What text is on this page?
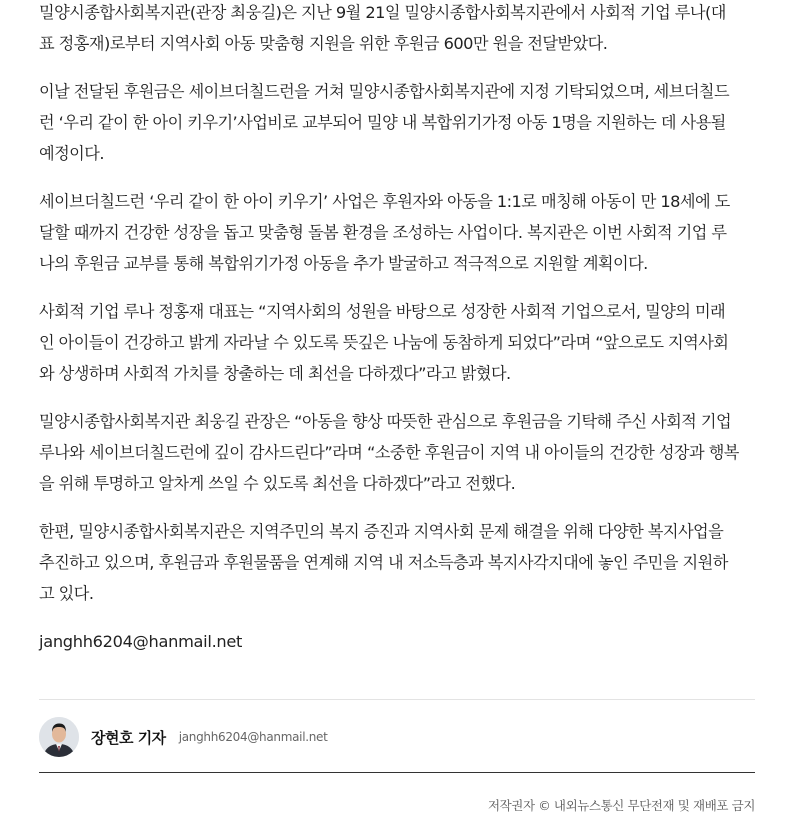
밀양시종합사회복지관(관장 최웅길)은 지난 9월 21일 밀양시종합사회복지관에서 사회적 기업 루나(대
표 정홍재)로부터 지역사회 아동 맞춤형 지원을 위한 후원금 600만 원을 전달받았다.

이날 전달된 후원금은 세이브더칠드런을 거쳐 밀양시종합사회복지관에 지정 기탁되었으며, 세브더칠드
런 ‘우리 같이 한 아이 키우기’사업비로 교부되어 밀양 내 복합위기가정 아동 1명을 지원하는 데 사용될
예정이다.

세이브더칠드런 ‘우리 같이 한 아이 키우기’ 사업은 후원자와 아동을 1:1로 매칭해 아동이 만 18세에 도
달할 때까지 건강한 성장을 돕고 맞춤형 돌봄 환경을 조성하는 사업이다. 복지관은 이번 사회적 기업 루
나의 후원금 교부를 통해 복합위기가정 아동을 추가 발굴하고 적극적으로 지원할 계획이다.

사회적 기업 루나 정홍재 대표는 “지역사회의 성원을 바탕으로 성장한 사회적 기업으로서, 밀양의 미래
인 아이들이 건강하고 밝게 자라날 수 있도록 뜻깊은 나눔에 동참하게 되었다”라며 “앞으로도 지역사회
와 상생하며 사회적 가치를 창출하는 데 최선을 다하겠다”라고 밝혔다.

밀양시종합사회복지관 최웅길 관장은 “아동을 향상 따뜻한 관심으로 후원금을 기탁해 주신 사회적 기업
루나와 세이브더칠드런에 깊이 감사드린다”라며 “소중한 후원금이 지역 내 아이들의 건강한 성장과 행복
을 위해 투명하고 알차게 쓰일 수 있도록 최선을 다하겠다”라고 전했다.

한편, 밀양시종합사회복지관은 지역주민의 복지 증진과 지역사회 문제 해결을 위해 다양한 복지사업을
추진하고 있으며, 후원금과 후원물품을 연계해 지역 내 저소득층과 복지사각지대에 놓인 주민을 지원하
고 있다.

janghh6204@hanmail.net

장현호 기자 janghh6204@hanmail.net
저작권자 © 내외뉴스통신 무단전재 및 재배포 금지
